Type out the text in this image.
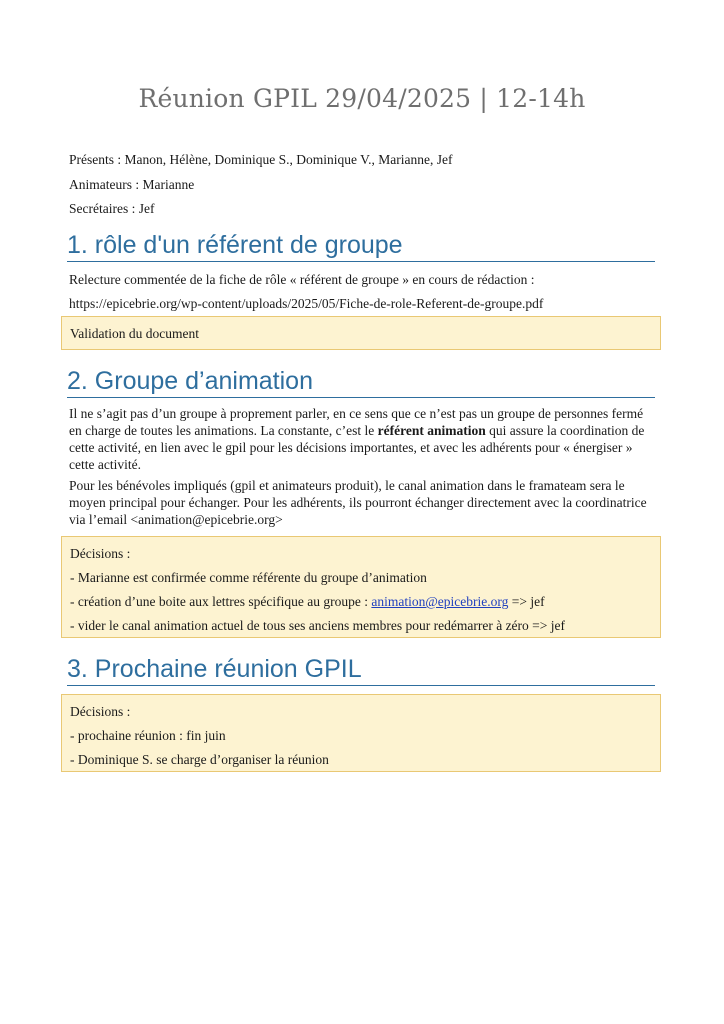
Réunion GPIL 29/04/2025 | 12-14h

Présents : Manon, Hélène, Dominique S., Dominique V., Marianne, Jef

Animateurs : Marianne

Secrétaires : Jef

1. rôle d'un référent de groupe

Relecture commentée de la fiche de rôle « référent de groupe » en cours de rédaction :

https://epicebrie.org/wp-content/uploads/2025/05/Fiche-de-role-Referent-de-groupe.pdf

Validation du document

2. Groupe d’animation

Il ne s’agit pas d’un groupe à proprement parler, en ce sens que ce n’est pas un groupe de personnes fermé en charge de toutes les animations. La constante, c’est le référent animation qui assure la coordination de cette activité, en lien avec le gpil pour les décisions importantes, et avec les adhérents pour « énergiser » cette activité.

Pour les bénévoles impliqués (gpil et animateurs produit), le canal animation dans le framateam sera le moyen principal pour échanger. Pour les adhérents, ils pourront échanger directement avec la coordinatrice via l’email <animation@epicebrie.org>

Décisions :

- Marianne est confirmée comme référente du groupe d’animation

- création d’une boite aux lettres spécifique au groupe : animation@epicebrie.org => jef

- vider le canal animation actuel de tous ses anciens membres pour redémarrer à zéro => jef

3. Prochaine réunion GPIL

Décisions :

- prochaine réunion : fin juin

- Dominique S. se charge d’organiser la réunion
